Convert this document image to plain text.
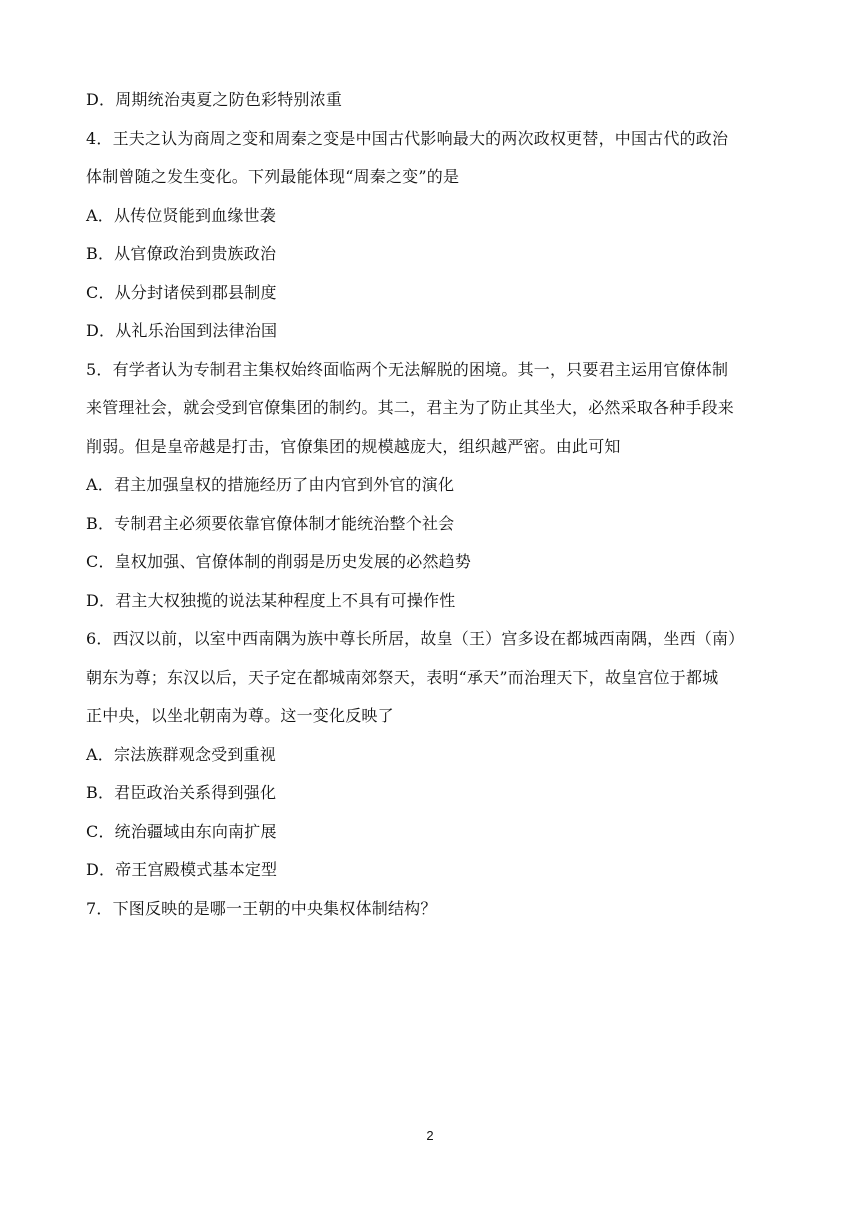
D．周期统治夷夏之防色彩特别浓重
4．王夫之认为商周之变和周秦之变是中国古代影响最大的两次政权更替，中国古代的政治
体制曾随之发生变化。下列最能体现“周秦之变”的是
A．从传位贤能到血缘世袭
B．从官僚政治到贵族政治
C．从分封诸侯到郡县制度
D．从礼乐治国到法律治国
5．有学者认为专制君主集权始终面临两个无法解脱的困境。其一，只要君主运用官僚体制
来管理社会，就会受到官僚集团的制约。其二，君主为了防止其坐大，必然采取各种手段来
削弱。但是皇帝越是打击，官僚集团的规模越庞大，组织越严密。由此可知
A．君主加强皇权的措施经历了由内官到外官的演化
B．专制君主必须要依靠官僚体制才能统治整个社会
C．皇权加强、官僚体制的削弱是历史发展的必然趋势
D．君主大权独揽的说法某种程度上不具有可操作性
6．西汉以前，以室中西南隅为族中尊长所居，故皇（王）宫多设在都城西南隅，坐西（南）
朝东为尊；东汉以后，天子定在都城南郊祭天，表明“承天”而治理天下，故皇宫位于都城
正中央，以坐北朝南为尊。这一变化反映了
A．宗法族群观念受到重视
B．君臣政治关系得到强化
C．统治疆域由东向南扩展
D．帝王宫殿模式基本定型
7．下图反映的是哪一王朝的中央集权体制结构？
2
